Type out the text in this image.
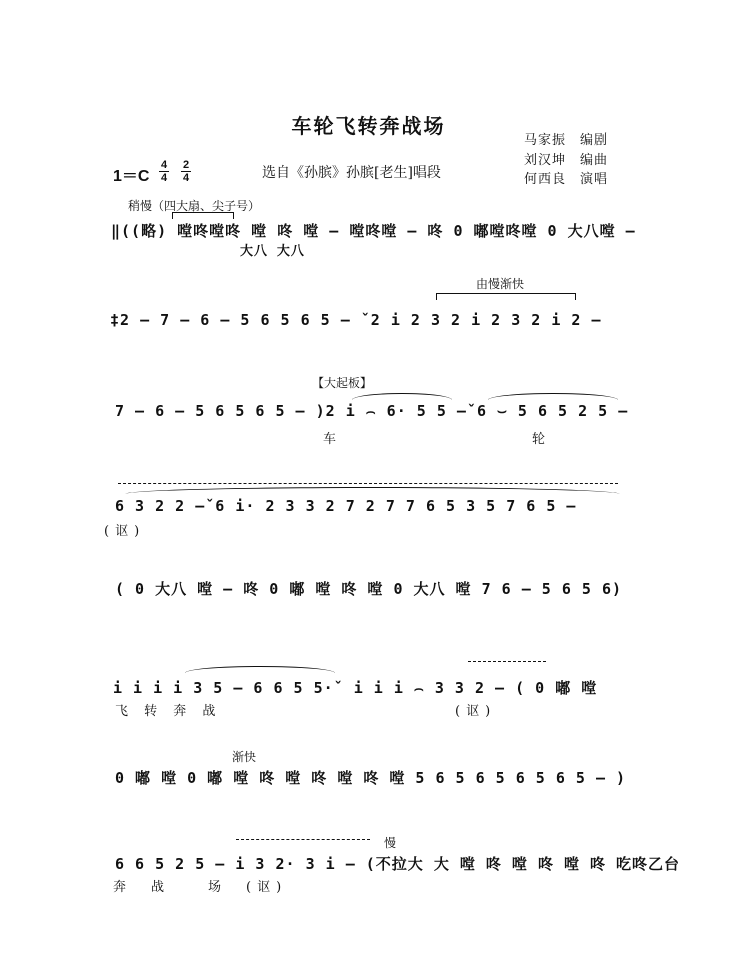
车轮飞转奔战场
马家振　编剧
刘汉坤　编曲
何西良　演唱
1＝C
4
4
2
4	选自《孙膑》孙膑[老生]唱段
稍慢（四大扇、尖子号）
‖((略) 嘡咚嘡咚 嘡 咚 嘡 – 嘡咚嘡 – 咚 0 嘟嘡咚嘡 0 大八嘡 –
大八 大八
由慢渐快
‡2 – 7 – 6 – 5 6 5 6 5 – ˇ2 i 2 3 2 i 2 3 2 i 2 –
【大起板】
7 – 6 – 5 6 5 6 5 – )2 i ⌢ 6· 5 5 –ˇ6 ⌣ 5 6 5 2 5 –
车　　　　　　　　　　轮
6 3 2 2 –ˇ6 i· 2 3 3 2 7 2 7 7 6 5 3 5 7 6 5 –
(讴)
( 0 大八 嘡 – 咚 0 嘟 嘡 咚 嘡 0 大八 嘡 7 6 – 5 6 5 6)
i i i i 3 5 – 6 6 5 5·ˇ i i i ⌢ 3 3 2 – ( 0 嘟 嘡
飞 转 奔 战	(讴)
渐快
0 嘟 嘡 0 嘟 嘡 咚 嘡 咚 嘡 咚 嘡 5 6 5 6 5 6 5 6 5 – )
慢
6 6 5 2 5 – i 3 2· 3 i – (不拉大 大 嘡 咚 嘡 咚 嘡 咚 吃咚乙台
奔　战　　场　(讴)
